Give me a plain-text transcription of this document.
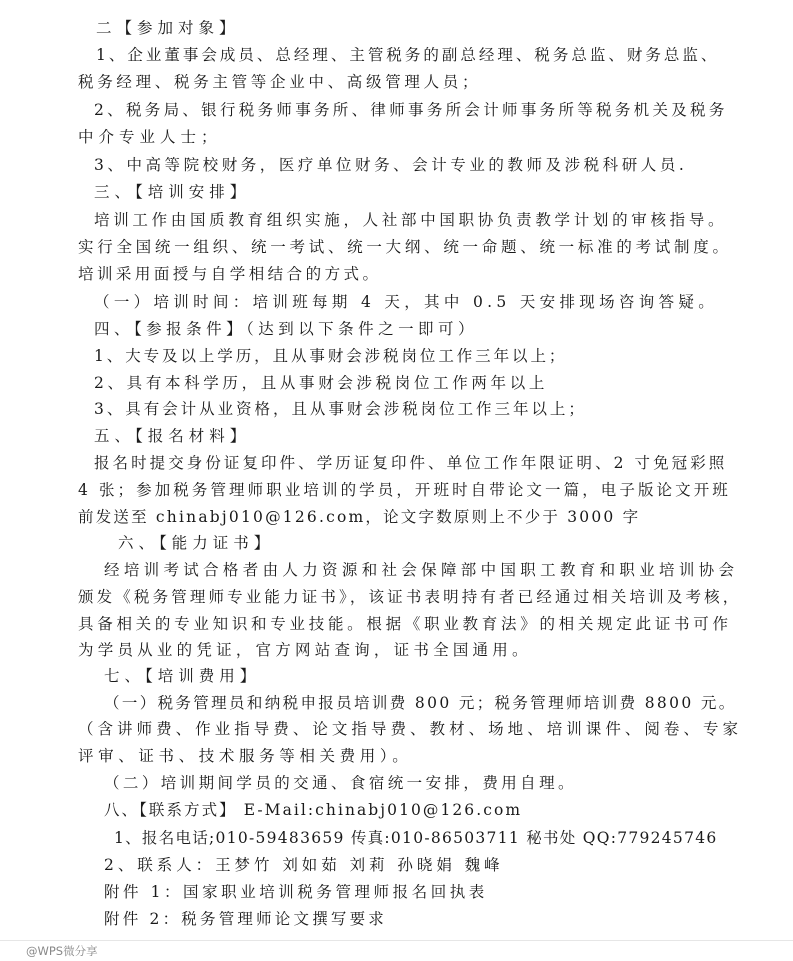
二【参加对象】
1、企业董事会成员、总经理、主管税务的副总经理、税务总监、财务总监、
税务经理、税务主管等企业中、高级管理人员；
2、税务局、银行税务师事务所、律师事务所会计师事务所等税务机关及税务
中介专业人士；
3、中高等院校财务，医疗单位财务、会计专业的教师及涉税科研人员.
三、【培训安排】
培训工作由国质教育组织实施，人社部中国职协负责教学计划的审核指导。
实行全国统一组织、统一考试、统一大纲、统一命题、统一标准的考试制度。
培训采用面授与自学相结合的方式。
（一）培训时间：培训班每期 4 天，其中 0.5 天安排现场咨询答疑。
四、【参报条件】（达到以下条件之一即可）
1、大专及以上学历，且从事财会涉税岗位工作三年以上；
2、具有本科学历，且从事财会涉税岗位工作两年以上
3、具有会计从业资格，且从事财会涉税岗位工作三年以上；
五、【报名材料】
报名时提交身份证复印件、学历证复印件、单位工作年限证明、2 寸免冠彩照
4 张；参加税务管理师职业培训的学员，开班时自带论文一篇，电子版论文开班
前发送至 chinabj010@126.com，论文字数原则上不少于 3000 字
六、【能力证书】
经培训考试合格者由人力资源和社会保障部中国职工教育和职业培训协会
颁发《税务管理师专业能力证书》，该证书表明持有者已经通过相关培训及考核，
具备相关的专业知识和专业技能。根据《职业教育法》的相关规定此证书可作
为学员从业的凭证，官方网站查询，证书全国通用。
七、【培训费用】
（一）税务管理员和纳税申报员培训费 800 元；税务管理师培训费 8800 元。
（含讲师费、作业指导费、论文指导费、教材、场地、培训课件、阅卷、专家
评审、证书、技术服务等相关费用）。
（二）培训期间学员的交通、食宿统一安排，费用自理。
八、【联系方式】 E-Mail:chinabj010@126.com
1、报名电话;010-59483659 传真:010-86503711 秘书处 QQ:779245746
2、联系人：王梦竹 刘如茹 刘莉 孙晓娟 魏峰
附件 1：国家职业培训税务管理师报名回执表
附件 2：税务管理师论文撰写要求
@WPS微分享
